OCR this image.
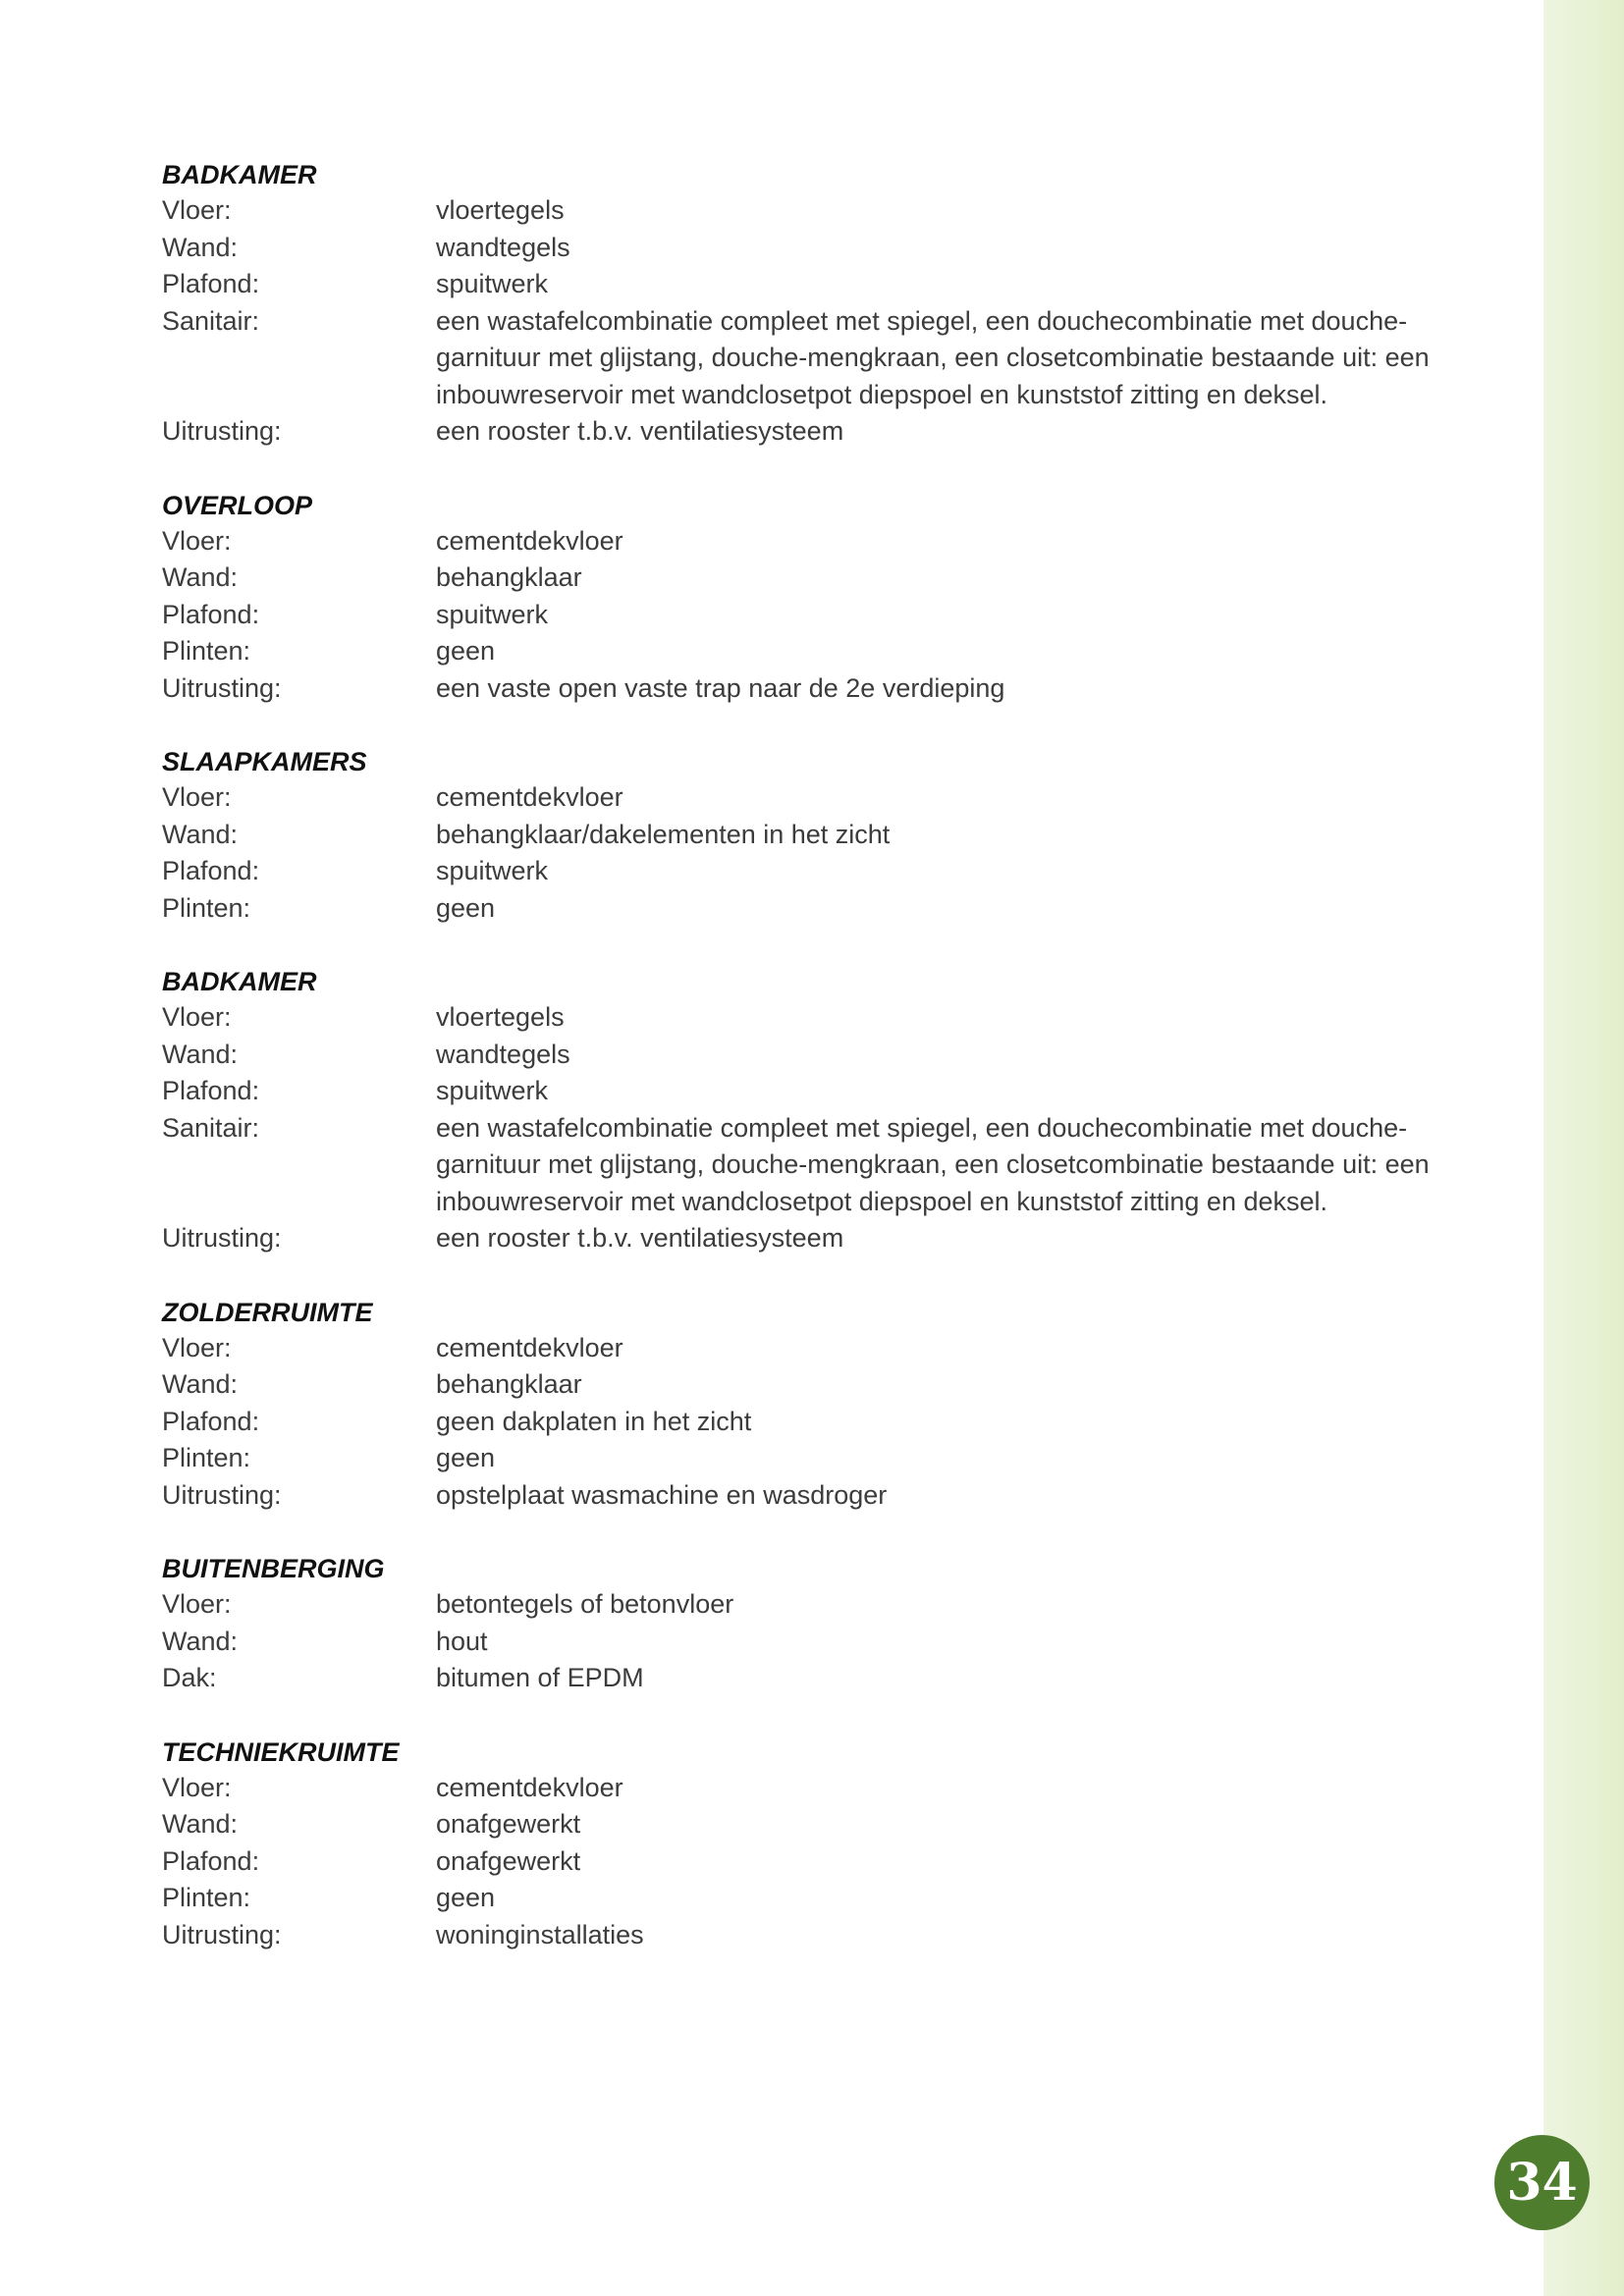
BADKAMER
Vloer:	vloertegels
Wand:	wandtegels
Plafond:	spuitwerk
Sanitair:	een wastafelcombinatie compleet met spiegel, een douchecombinatie met douche-garnituur met glijstang, douche-mengkraan, een closetcombinatie bestaande uit: een inbouwreservoir met wandclosetpot diepspoel en kunststof zitting en deksel.
Uitrusting:	een rooster t.b.v. ventilatiesysteem
OVERLOOP
Vloer:	cementdekvloer
Wand:	behangklaar
Plafond:	spuitwerk
Plinten:	geen
Uitrusting:	een vaste open vaste trap naar de 2e verdieping
SLAAPKAMERS
Vloer:	cementdekvloer
Wand:	behangklaar/dakelementen in het zicht
Plafond:	spuitwerk
Plinten:	geen
BADKAMER
Vloer:	vloertegels
Wand:	wandtegels
Plafond:	spuitwerk
Sanitair:	een wastafelcombinatie compleet met spiegel, een douchecombinatie met douche-garnituur met glijstang, douche-mengkraan, een closetcombinatie bestaande uit: een inbouwreservoir met wandclosetpot diepspoel en kunststof zitting en deksel.
Uitrusting:	een rooster t.b.v. ventilatiesysteem
ZOLDERRUIMTE
Vloer:	cementdekvloer
Wand:	behangklaar
Plafond:	geen dakplaten in het zicht
Plinten:	geen
Uitrusting:	opstelplaat wasmachine en wasdroger
BUITENBERGING
Vloer:	betontegels of betonvloer
Wand:	hout
Dak:	bitumen of EPDM
TECHNIEKRUIMTE
Vloer:	cementdekvloer
Wand:	onafgewerkt
Plafond:	onafgewerkt
Plinten:	geen
Uitrusting:	woninginstallaties
34
